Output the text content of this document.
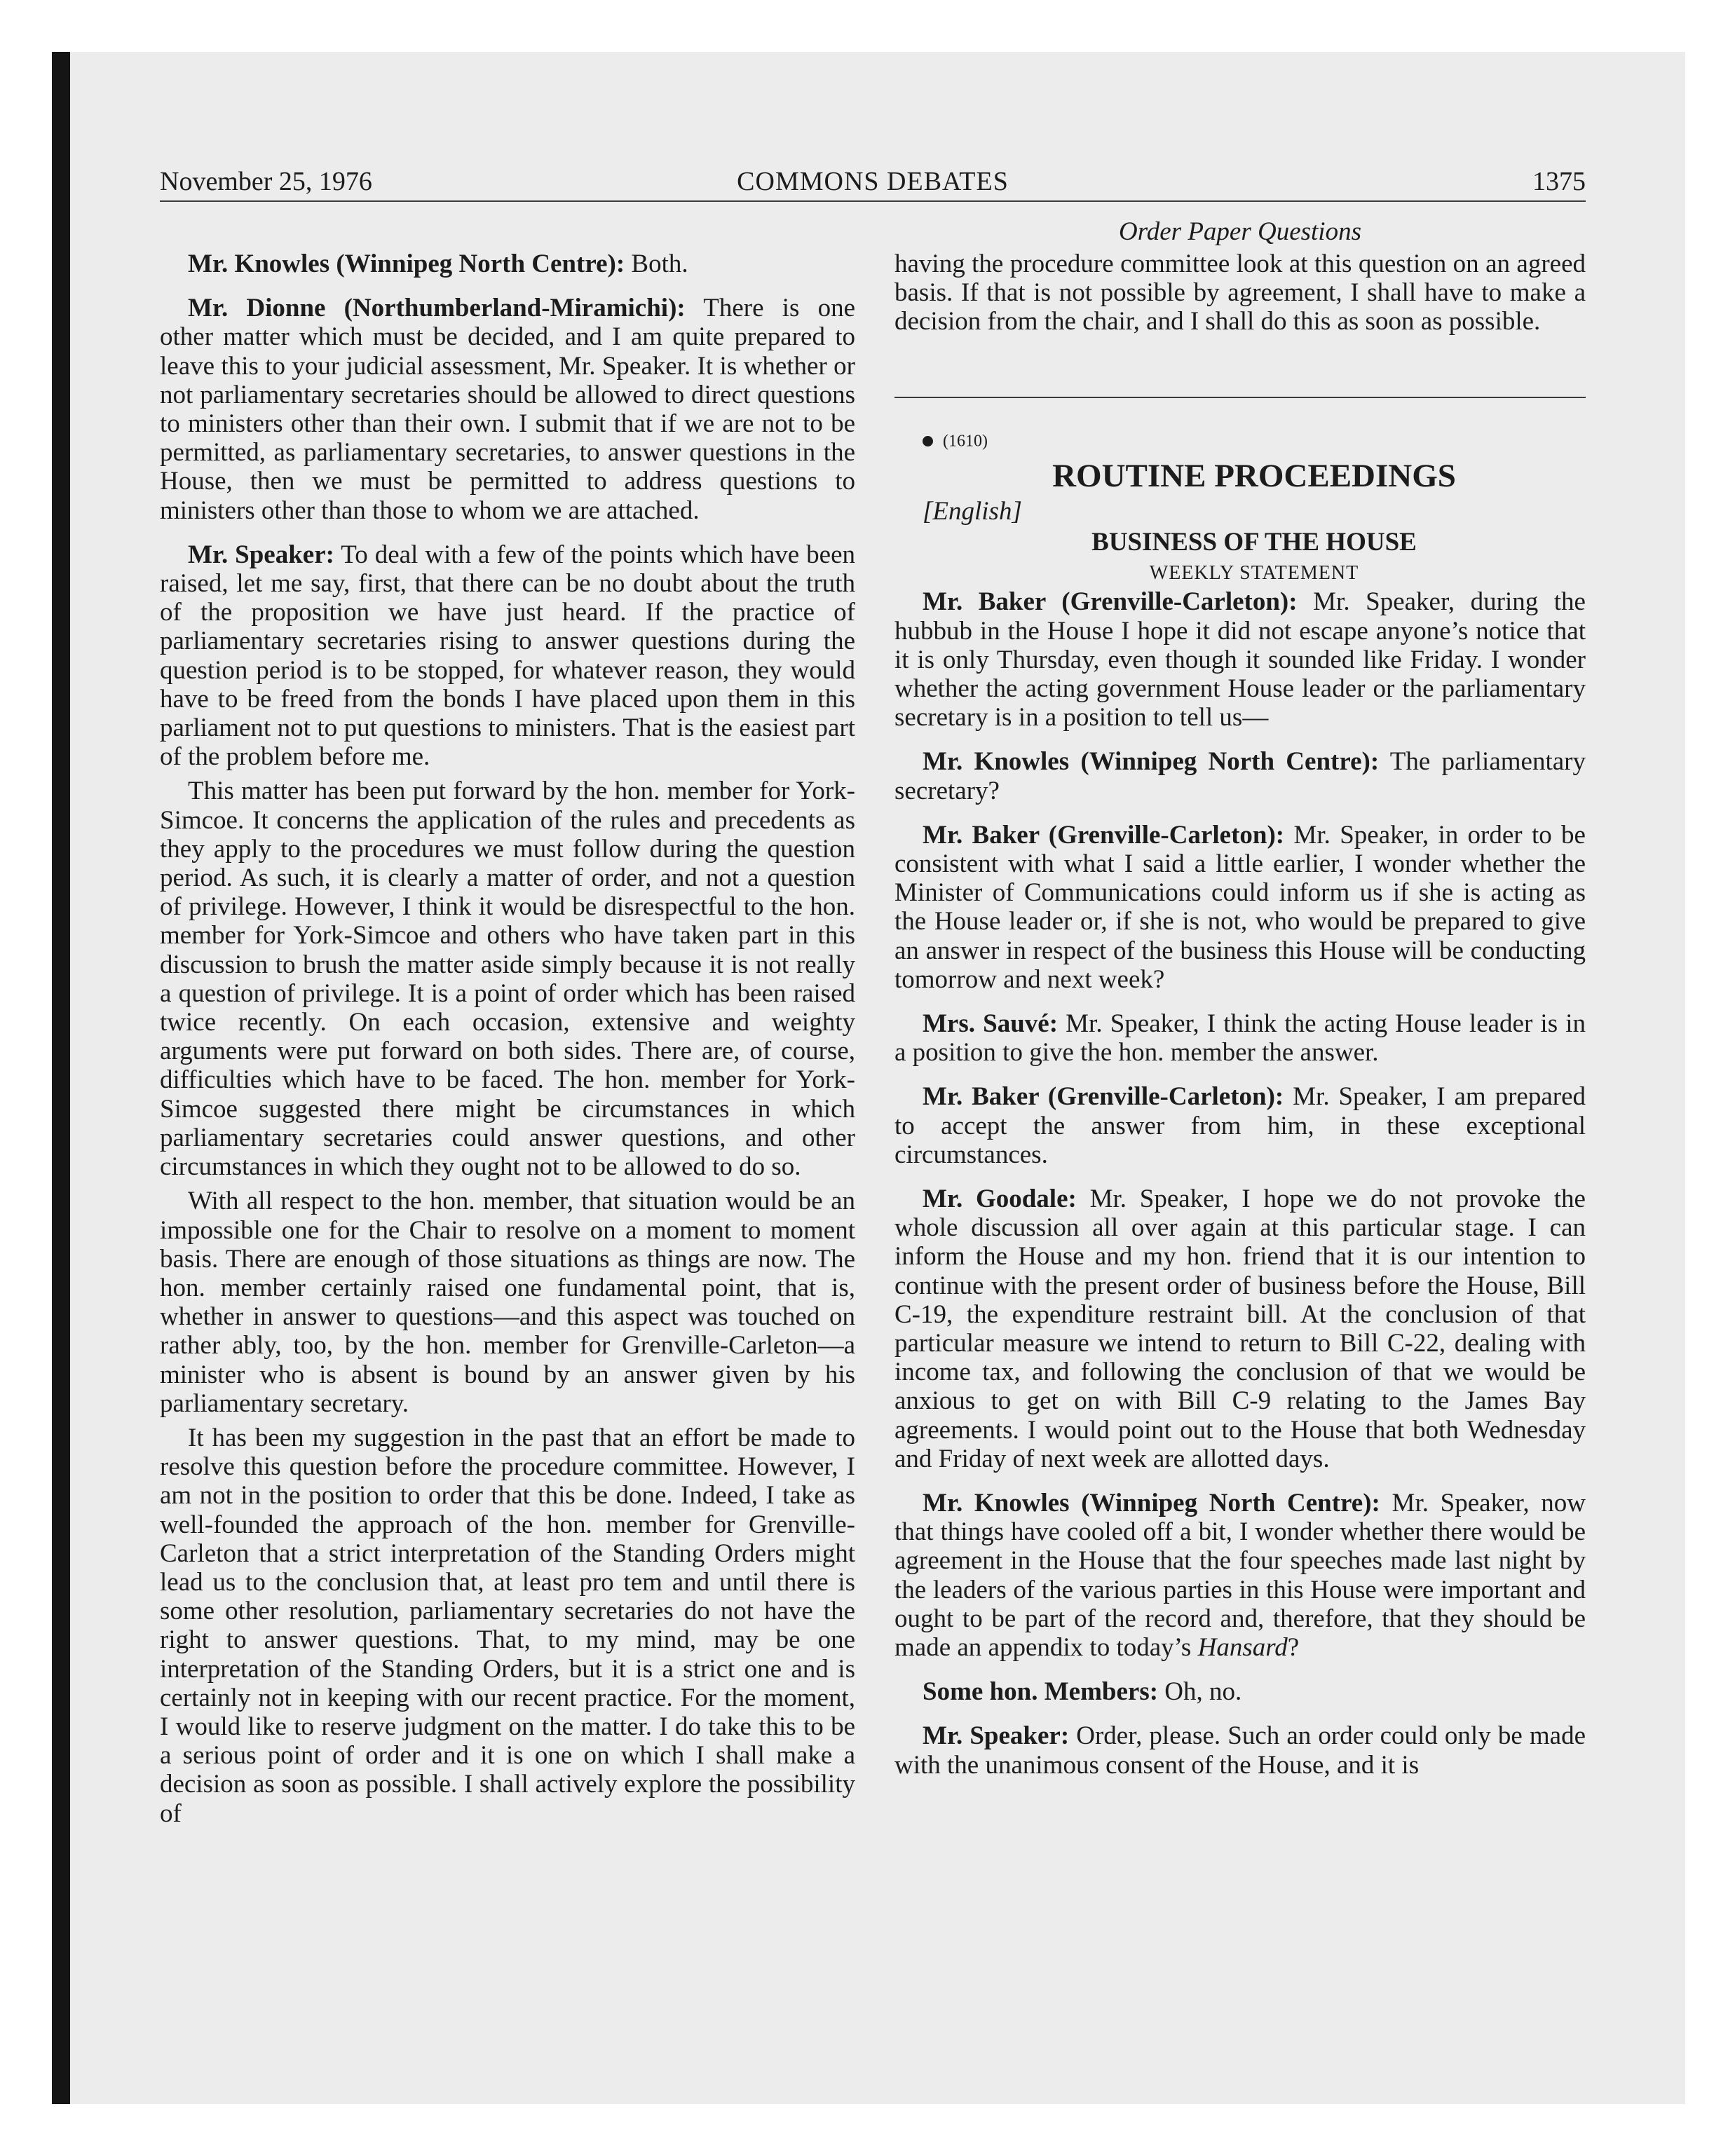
November 25, 1976	COMMONS DEBATES	1375
Order Paper Questions

Mr. Knowles (Winnipeg North Centre): Both.

Mr. Dionne (Northumberland-Miramichi): There is one other matter which must be decided, and I am quite prepared to leave this to your judicial assessment, Mr. Speaker. It is whether or not parliamentary secretaries should be allowed to direct questions to ministers other than their own. I submit that if we are not to be permitted, as parliamentary secretaries, to answer questions in the House, then we must be permitted to address questions to ministers other than those to whom we are attached.

Mr. Speaker: To deal with a few of the points which have been raised, let me say, first, that there can be no doubt about the truth of the proposition we have just heard. If the practice of parliamentary secretaries rising to answer questions during the question period is to be stopped, for whatever reason, they would have to be freed from the bonds I have placed upon them in this parliament not to put questions to ministers. That is the easiest part of the problem before me.

This matter has been put forward by the hon. member for York-Simcoe. It concerns the application of the rules and precedents as they apply to the procedures we must follow during the question period. As such, it is clearly a matter of order, and not a question of privilege. However, I think it would be disrespectful to the hon. member for York-Simcoe and others who have taken part in this discussion to brush the matter aside simply because it is not really a question of privilege. It is a point of order which has been raised twice recently. On each occasion, extensive and weighty arguments were put forward on both sides. There are, of course, difficulties which have to be faced. The hon. member for York-Simcoe suggested there might be circumstances in which parliamentary secretaries could answer questions, and other circumstances in which they ought not to be allowed to do so.

With all respect to the hon. member, that situation would be an impossible one for the Chair to resolve on a moment to moment basis. There are enough of those situations as things are now. The hon. member certainly raised one fundamental point, that is, whether in answer to questions—and this aspect was touched on rather ably, too, by the hon. member for Grenville-Carleton—a minister who is absent is bound by an answer given by his parliamentary secretary.

It has been my suggestion in the past that an effort be made to resolve this question before the procedure committee. However, I am not in the position to order that this be done. Indeed, I take as well-founded the approach of the hon. member for Grenville-Carleton that a strict interpretation of the Standing Orders might lead us to the conclusion that, at least pro tem and until there is some other resolution, parliamentary secretaries do not have the right to answer questions. That, to my mind, may be one interpretation of the Standing Orders, but it is a strict one and is certainly not in keeping with our recent practice. For the moment, I would like to reserve judgment on the matter. I do take this to be a serious point of order and it is one on which I shall make a decision as soon as possible. I shall actively explore the possibility of

having the procedure committee look at this question on an agreed basis. If that is not possible by agreement, I shall have to make a decision from the chair, and I shall do this as soon as possible.

(1610)

ROUTINE PROCEEDINGS

[English]

BUSINESS OF THE HOUSE

WEEKLY STATEMENT

Mr. Baker (Grenville-Carleton): Mr. Speaker, during the hubbub in the House I hope it did not escape anyone’s notice that it is only Thursday, even though it sounded like Friday. I wonder whether the acting government House leader or the parliamentary secretary is in a position to tell us—

Mr. Knowles (Winnipeg North Centre): The parliamentary secretary?

Mr. Baker (Grenville-Carleton): Mr. Speaker, in order to be consistent with what I said a little earlier, I wonder whether the Minister of Communications could inform us if she is acting as the House leader or, if she is not, who would be prepared to give an answer in respect of the business this House will be conducting tomorrow and next week?

Mrs. Sauvé: Mr. Speaker, I think the acting House leader is in a position to give the hon. member the answer.

Mr. Baker (Grenville-Carleton): Mr. Speaker, I am prepared to accept the answer from him, in these exceptional circumstances.

Mr. Goodale: Mr. Speaker, I hope we do not provoke the whole discussion all over again at this particular stage. I can inform the House and my hon. friend that it is our intention to continue with the present order of business before the House, Bill C-19, the expenditure restraint bill. At the conclusion of that particular measure we intend to return to Bill C-22, dealing with income tax, and following the conclusion of that we would be anxious to get on with Bill C-9 relating to the James Bay agreements. I would point out to the House that both Wednesday and Friday of next week are allotted days.

Mr. Knowles (Winnipeg North Centre): Mr. Speaker, now that things have cooled off a bit, I wonder whether there would be agreement in the House that the four speeches made last night by the leaders of the various parties in this House were important and ought to be part of the record and, therefore, that they should be made an appendix to today’s Hansard?

Some hon. Members: Oh, no.

Mr. Speaker: Order, please. Such an order could only be made with the unanimous consent of the House, and it is
